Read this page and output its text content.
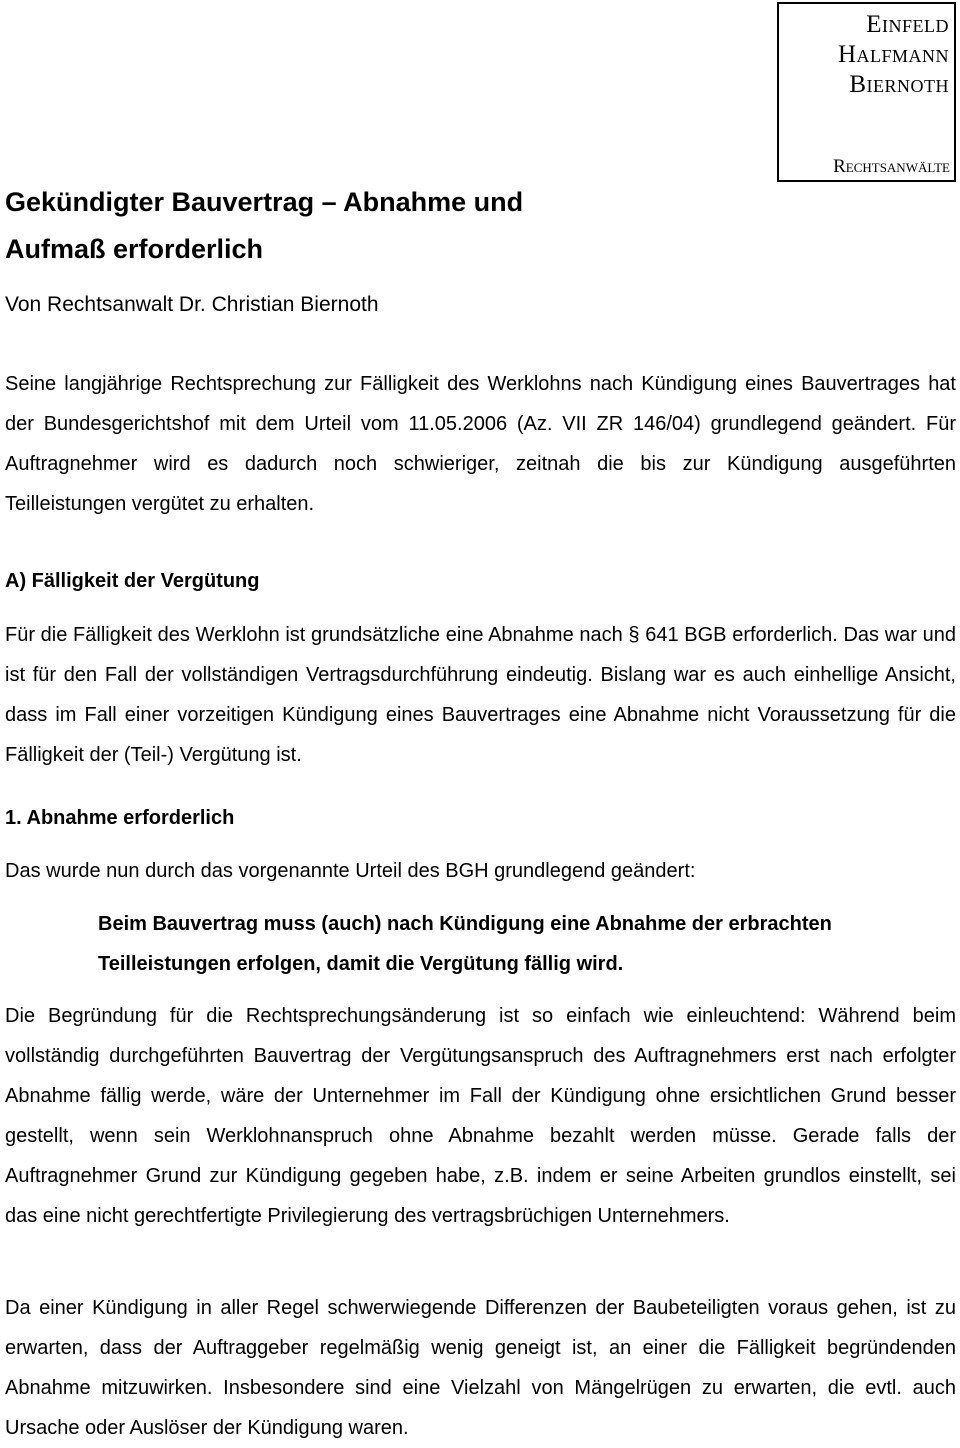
Einfeld
Halfmann
Biernoth
Rechtsanwälte
Gekündigter Bauvertrag – Abnahme und
Aufmaß erforderlich

Von Rechtsanwalt Dr. Christian Biernoth

Seine langjährige Rechtsprechung zur Fälligkeit des Werklohns nach Kündigung eines Bauvertrages hat der Bundesgerichtshof mit dem Urteil vom 11.05.2006 (Az. VII ZR 146/04) grundlegend geändert. Für Auftragnehmer wird es dadurch noch schwieriger, zeitnah die bis zur Kündigung ausgeführten Teilleistungen vergütet zu erhalten.

A) Fälligkeit der Vergütung

Für die Fälligkeit des Werklohn ist grundsätzliche eine Abnahme nach § 641 BGB erforderlich. Das war und ist für den Fall der vollständigen Vertragsdurchführung eindeutig. Bislang war es auch einhellige Ansicht, dass im Fall einer vorzeitigen Kündigung eines Bauvertrages eine Abnahme nicht Voraussetzung für die Fälligkeit der (Teil-) Vergütung ist.

1. Abnahme erforderlich

Das wurde nun durch das vorgenannte Urteil des BGH grundlegend geändert:

Beim Bauvertrag muss (auch) nach Kündigung eine Abnahme der erbrachten Teilleistungen erfolgen, damit die Vergütung fällig wird.

Die Begründung für die Rechtsprechungsänderung ist so einfach wie einleuchtend: Während beim vollständig durchgeführten Bauvertrag der Vergütungsanspruch des Auftragnehmers erst nach erfolgter Abnahme fällig werde, wäre der Unternehmer im Fall der Kündigung ohne ersichtlichen Grund besser gestellt, wenn sein Werklohnanspruch ohne Abnahme bezahlt werden müsse. Gerade falls der Auftragnehmer Grund zur Kündigung gegeben habe, z.B. indem er seine Arbeiten grundlos einstellt, sei das eine nicht gerechtfertigte Privilegierung des vertragsbrüchigen Unternehmers.

Da einer Kündigung in aller Regel schwerwiegende Differenzen der Baubeteiligten voraus gehen, ist zu erwarten, dass der Auftraggeber regelmäßig wenig geneigt ist, an einer die Fälligkeit begründenden Abnahme mitzuwirken. Insbesondere sind eine Vielzahl von Mängelrügen zu erwarten, die evtl. auch Ursache oder Auslöser der Kündigung waren.
